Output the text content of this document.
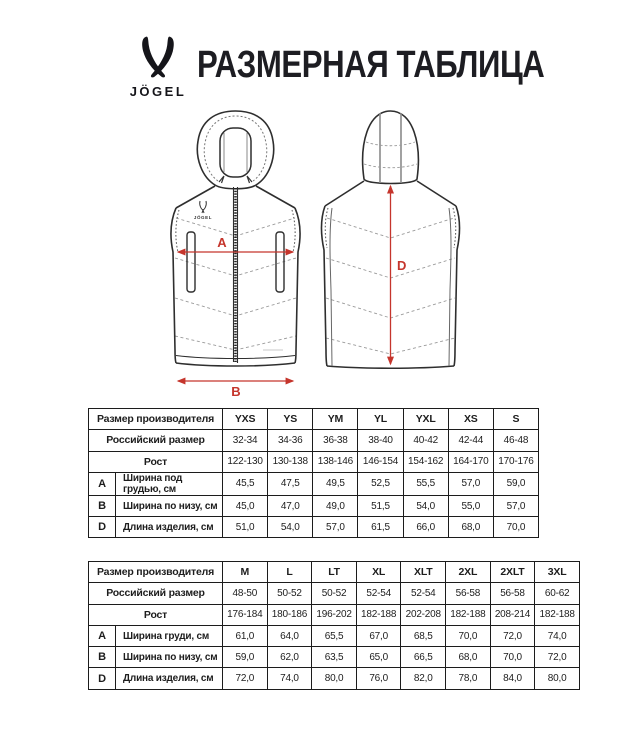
JÖGEL
РАЗМЕРНАЯ ТАБЛИЦА
JÖGEL
A
B
D
Размер производителя		YXS	YS	YM	YL	YXL	XS	S
Российский размер		32-34	34-36	36-38	38-40	40-42	42-44	46-48
Рост		122-130	130-138	138-146	146-154	154-162	164-170	170-176
A	Ширина под грудью, см	45,5	47,5	49,5	52,5	55,5	57,0	59,0
B	Ширина по низу, см	45,0	47,0	49,0	51,5	54,0	55,0	57,0
D	Длина изделия, см	51,0	54,0	57,0	61,5	66,0	68,0	70,0
Размер производителя		M	L	LT	XL	XLT	2XL	2XLT	3XL
Российский размер		48-50	50-52	50-52	52-54	52-54	56-58	56-58	60-62
Рост		176-184	180-186	196-202	182-188	202-208	182-188	208-214	182-188
A	Ширина груди, см	61,0	64,0	65,5	67,0	68,5	70,0	72,0	74,0
B	Ширина по низу, см	59,0	62,0	63,5	65,0	66,5	68,0	70,0	72,0
D	Длина изделия, см	72,0	74,0	80,0	76,0	82,0	78,0	84,0	80,0
